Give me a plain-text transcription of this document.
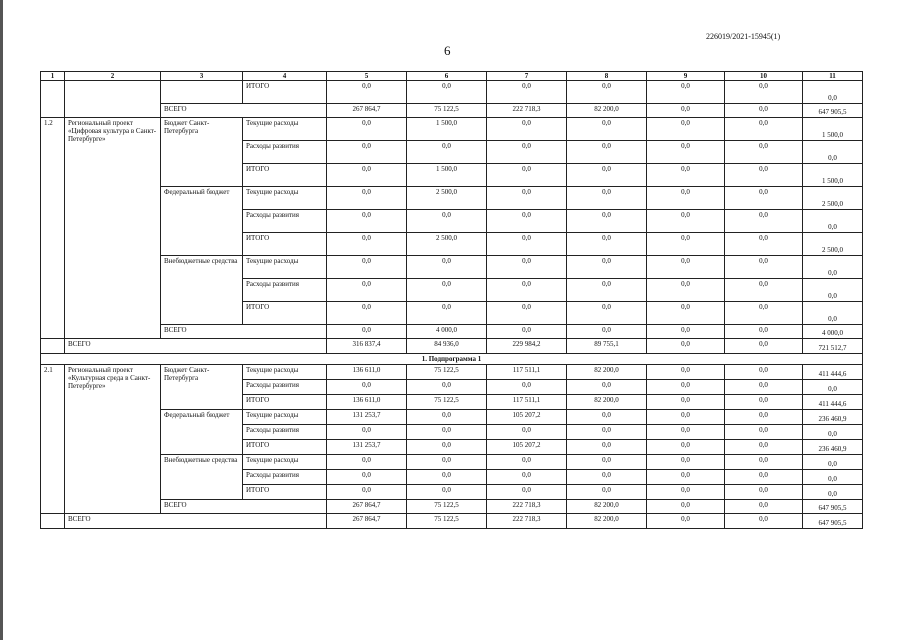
226019/2021-15945(1)
6
1	2	3	4	5	6	7	8	9	10	11
			ИТОГО	0,0	0,0	0,0	0,0	0,0	0,0	0,0
		ВСЕГО		267 864,7	75 122,5	222 718,3	82 200,0	0,0	0,0	647 905,5
1.2	Региональный проект «Цифровая культура в Санкт-Петербурге»	Бюджет Санкт-Петербурга	Текущие расходы	0,0	1 500,0	0,0	0,0	0,0	0,0	1 500,0
			Расходы развития	0,0	0,0	0,0	0,0	0,0	0,0	0,0
			ИТОГО	0,0	1 500,0	0,0	0,0	0,0	0,0	1 500,0
		Федеральный бюджет	Текущие расходы	0,0	2 500,0	0,0	0,0	0,0	0,0	2 500,0
			Расходы развития	0,0	0,0	0,0	0,0	0,0	0,0	0,0
			ИТОГО	0,0	2 500,0	0,0	0,0	0,0	0,0	2 500,0
		Внебюджетные средства	Текущие расходы	0,0	0,0	0,0	0,0	0,0	0,0	0,0
			Расходы развития	0,0	0,0	0,0	0,0	0,0	0,0	0,0
			ИТОГО	0,0	0,0	0,0	0,0	0,0	0,0	0,0
		ВСЕГО		0,0	4 000,0	0,0	0,0	0,0	0,0	4 000,0
	ВСЕГО			316 837,4	84 936,0	229 984,2	89 755,1	0,0	0,0	721 512,7
1. Подпрограмма 1										
2.1	Региональный проект «Культурная среда в Санкт-Петербурге»	Бюджет Санкт-Петербурга	Текущие расходы	136 611,0	75 122,5	117 511,1	82 200,0	0,0	0,0	411 444,6
			Расходы развития	0,0	0,0	0,0	0,0	0,0	0,0	0,0
			ИТОГО	136 611,0	75 122,5	117 511,1	82 200,0	0,0	0,0	411 444,6
		Федеральный бюджет	Текущие расходы	131 253,7	0,0	105 207,2	0,0	0,0	0,0	236 460,9
			Расходы развития	0,0	0,0	0,0	0,0	0,0	0,0	0,0
			ИТОГО	131 253,7	0,0	105 207,2	0,0	0,0	0,0	236 460,9
		Внебюджетные средства	Текущие расходы	0,0	0,0	0,0	0,0	0,0	0,0	0,0
			Расходы развития	0,0	0,0	0,0	0,0	0,0	0,0	0,0
			ИТОГО	0,0	0,0	0,0	0,0	0,0	0,0	0,0
		ВСЕГО		267 864,7	75 122,5	222 718,3	82 200,0	0,0	0,0	647 905,5
	ВСЕГО			267 864,7	75 122,5	222 718,3	82 200,0	0,0	0,0	647 905,5
